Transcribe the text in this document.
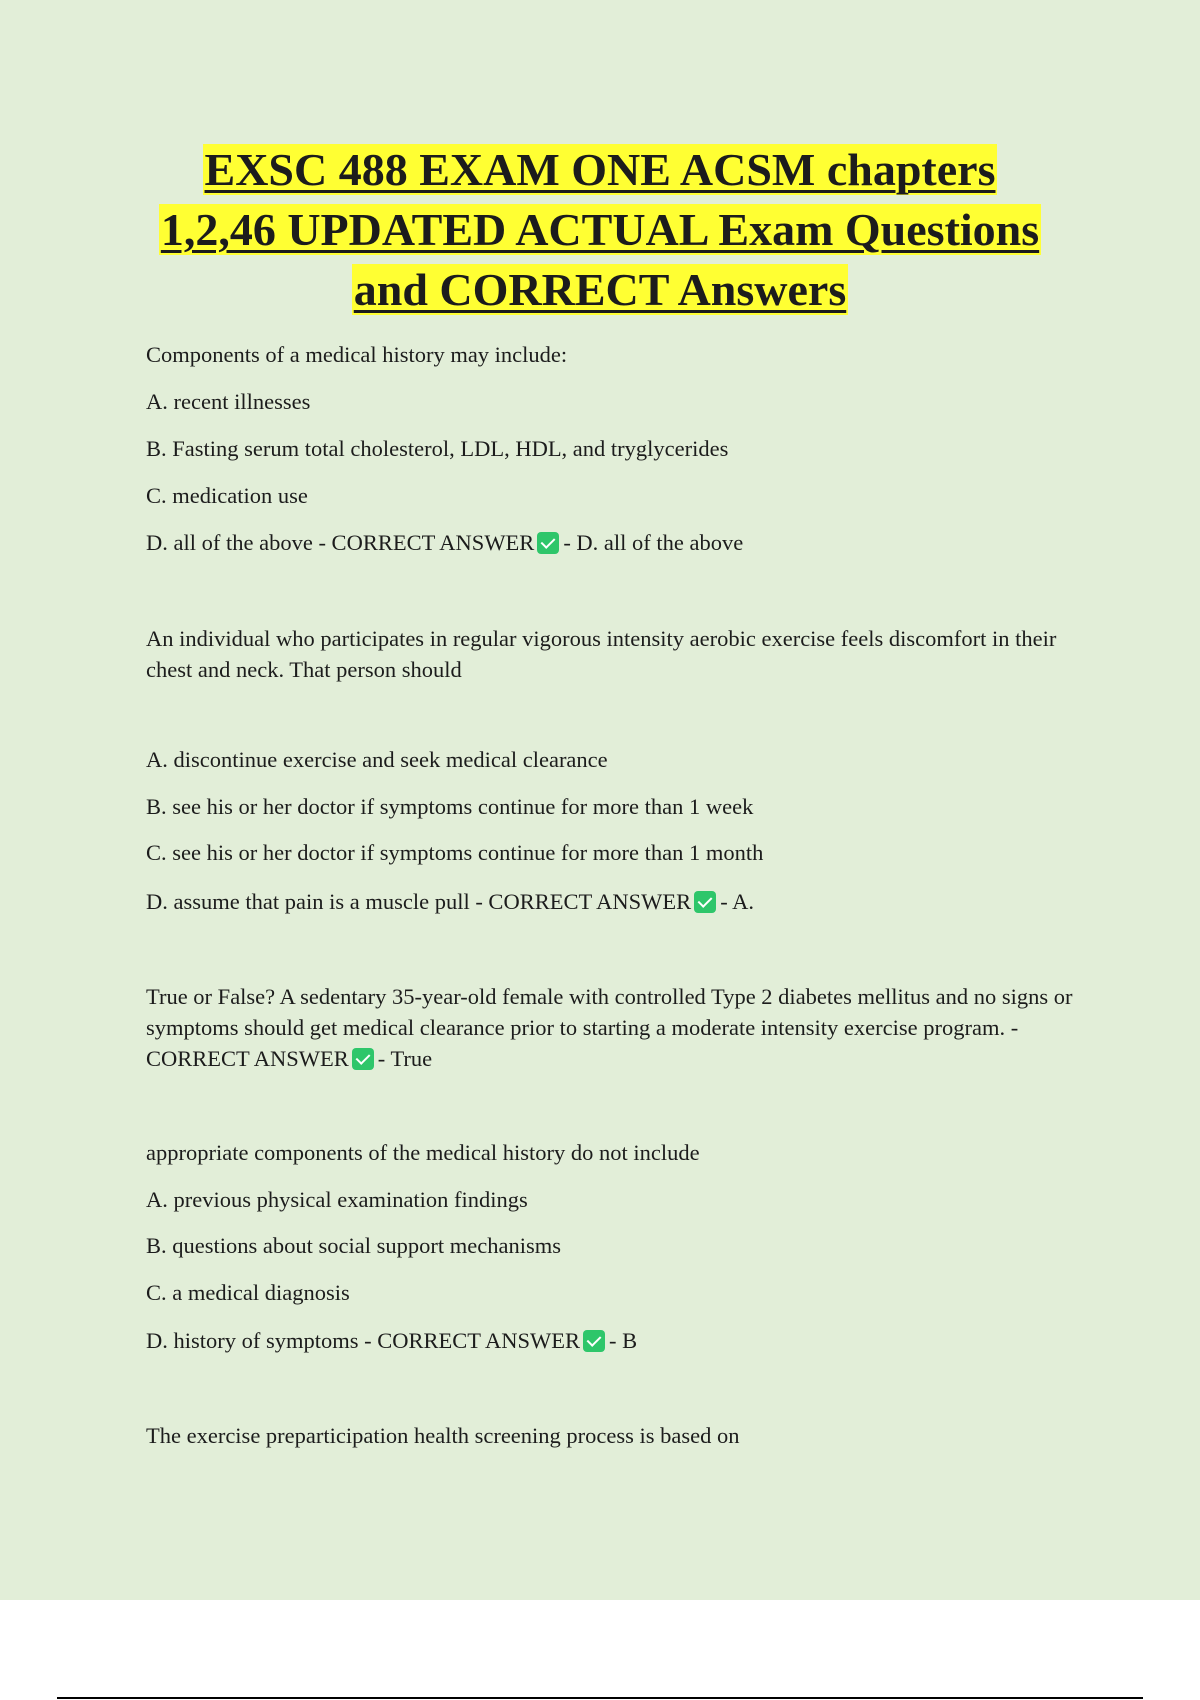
EXSC 488 EXAM ONE ACSM chapters
1,2,46 UPDATED ACTUAL Exam Questions
and CORRECT Answers
Components of a medical history may include:
A. recent illnesses
B. Fasting serum total cholesterol, LDL, HDL, and tryglycerides
C. medication use
D. all of the above - CORRECT ANSWER - D. all of the above
An individual who participates in regular vigorous intensity aerobic exercise feels discomfort in their chest and neck. That person should
A. discontinue exercise and seek medical clearance
B. see his or her doctor if symptoms continue for more than 1 week
C. see his or her doctor if symptoms continue for more than 1 month
D. assume that pain is a muscle pull - CORRECT ANSWER - A.
True or False? A sedentary 35-year-old female with controlled Type 2 diabetes mellitus and no signs or symptoms should get medical clearance prior to starting a moderate intensity exercise program. - CORRECT ANSWER - True
appropriate components of the medical history do not include
A. previous physical examination findings
B. questions about social support mechanisms
C. a medical diagnosis
D. history of symptoms - CORRECT ANSWER - B
The exercise preparticipation health screening process is based on
